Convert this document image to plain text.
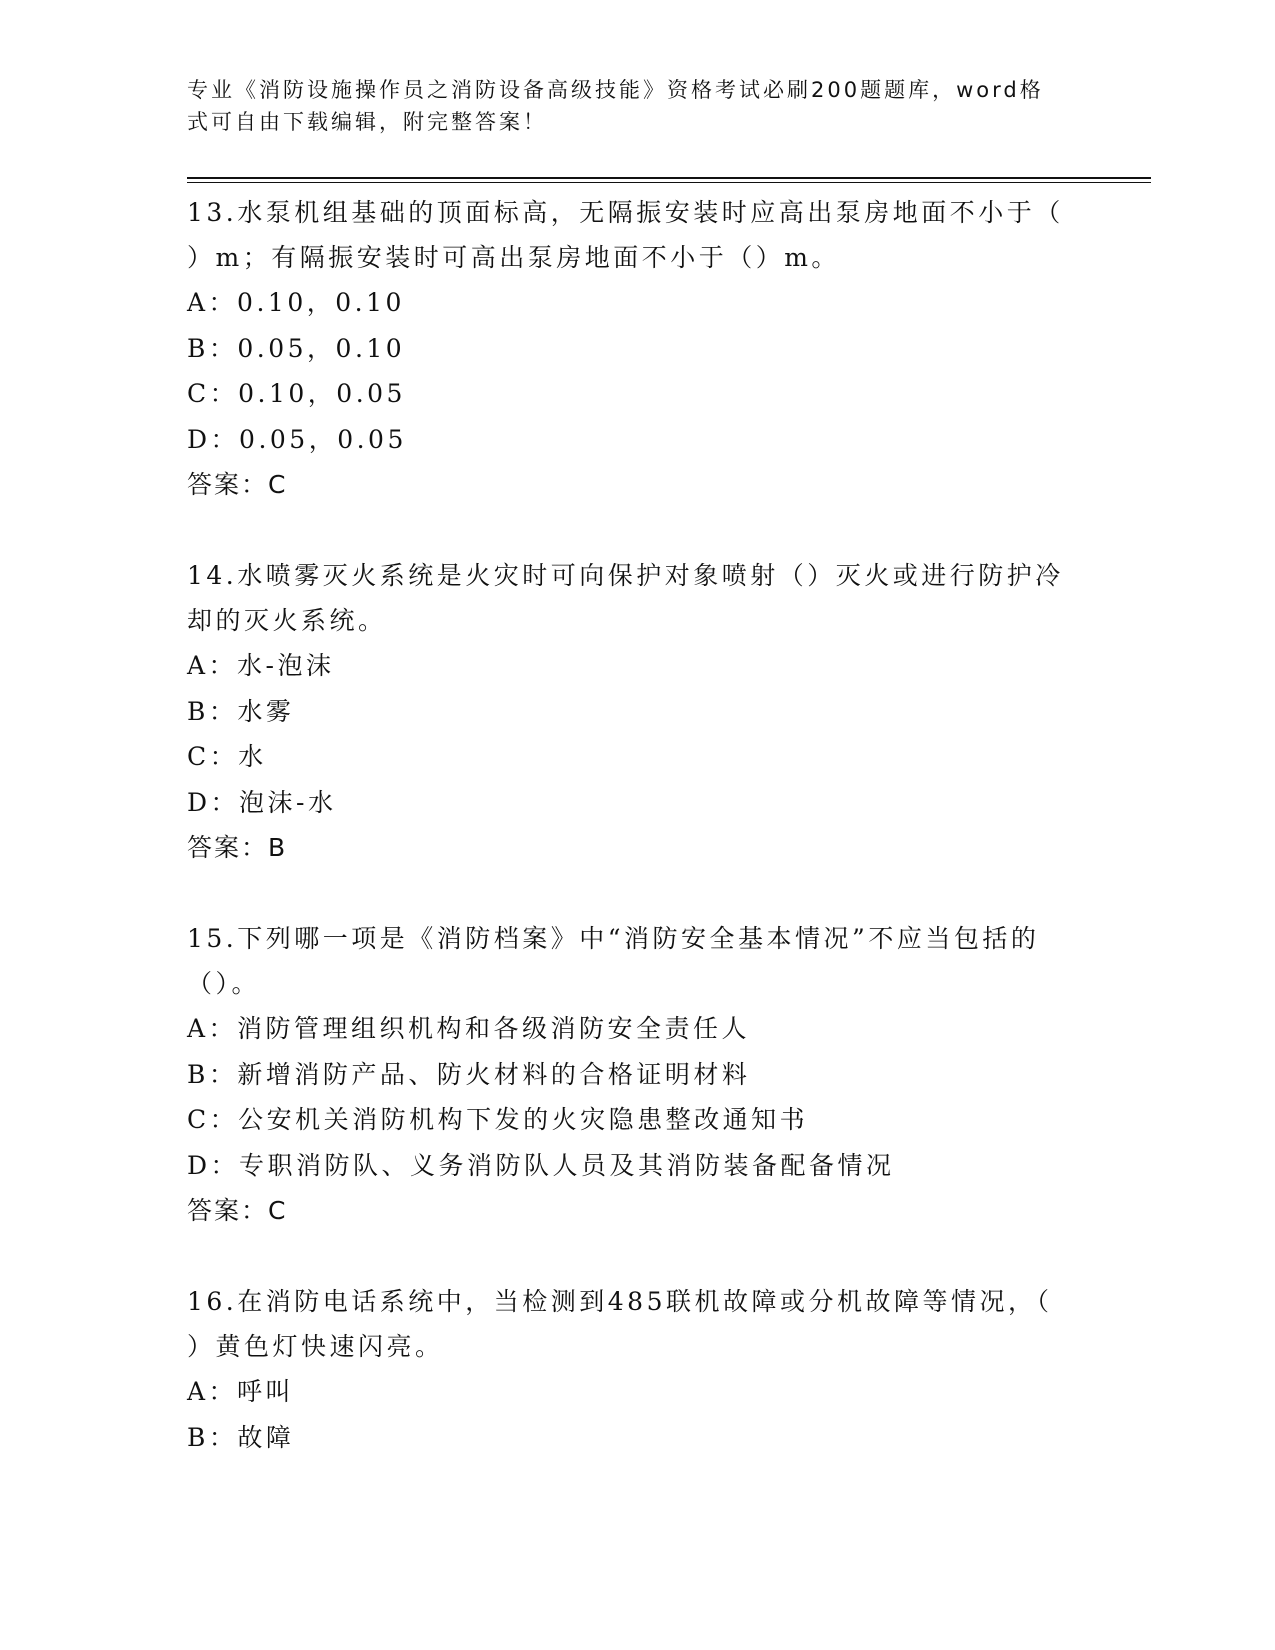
专业《消防设施操作员之消防设备高级技能》资格考试必刷200题题库，word格
式可自由下载编辑，附完整答案！
13.水泵机组基础的顶面标高，无隔振安装时应高出泵房地面不小于（
）m；有隔振安装时可高出泵房地面不小于（）m。
A：0.10，0.10
B：0.05，0.10
C：0.10，0.05
D：0.05，0.05
答案：C
14.水喷雾灭火系统是火灾时可向保护对象喷射（）灭火或进行防护冷
却的灭火系统。
A：水-泡沫
B：水雾
C：水
D：泡沫-水
答案：B
15.下列哪一项是《消防档案》中“消防安全基本情况”不应当包括的
（）。
A：消防管理组织机构和各级消防安全责任人
B：新增消防产品、防火材料的合格证明材料
C：公安机关消防机构下发的火灾隐患整改通知书
D：专职消防队、义务消防队人员及其消防装备配备情况
答案：C
16.在消防电话系统中，当检测到485联机故障或分机故障等情况，（
）黄色灯快速闪亮。
A：呼叫
B：故障
